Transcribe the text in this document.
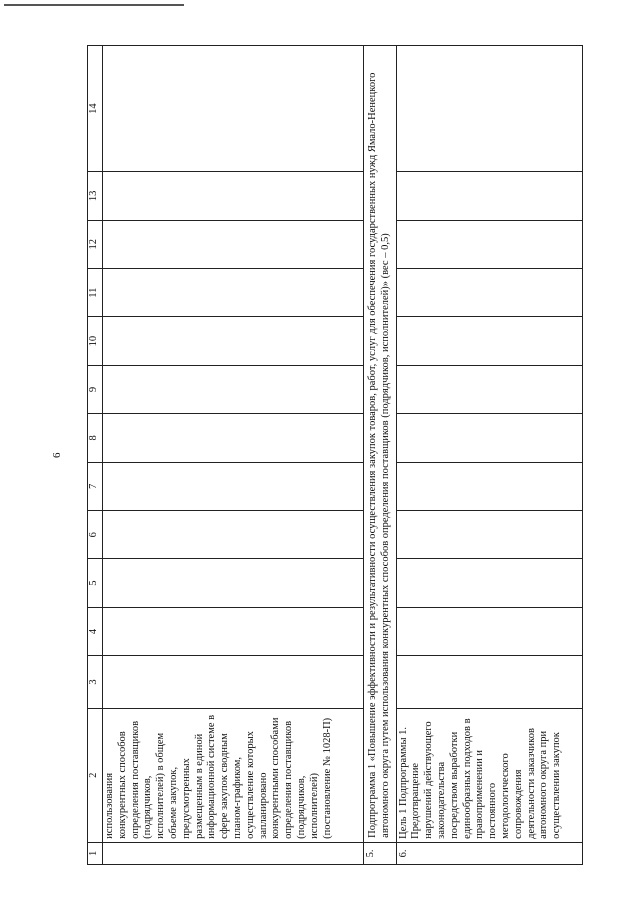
6
1	2	3	4	5	6	7	8	9	10	11	12	13	14
	использования конкурентных способов определения поставщиков (подрядчиков, исполнителей) в общем объеме закупок, предусмотренных размещенным в единой информационной системе в сфере закупок сводным планом-графиком, осуществление которых запланировано конкурентными способами определения поставщиков (подрядчиков, исполнителей) (постановление № 1028-П)												
5.	Подпрограмма 1 «Повышение эффективности и результативности осуществления закупок товаров, работ, услуг для обеспечения государственных нужд Ямало-Ненецкого автономного округа путем использования конкурентных способов определения поставщиков (подрядчиков, исполнителей)» (вес – 0,5)												
6.	Цель 1 Подпрограммы 1. Предотвращение нарушений действующего законодательства посредством выработки единообразных подходов в правоприменении и постоянного методологического сопровождения деятельности заказчиков автономного округа при осуществлении закупок												
